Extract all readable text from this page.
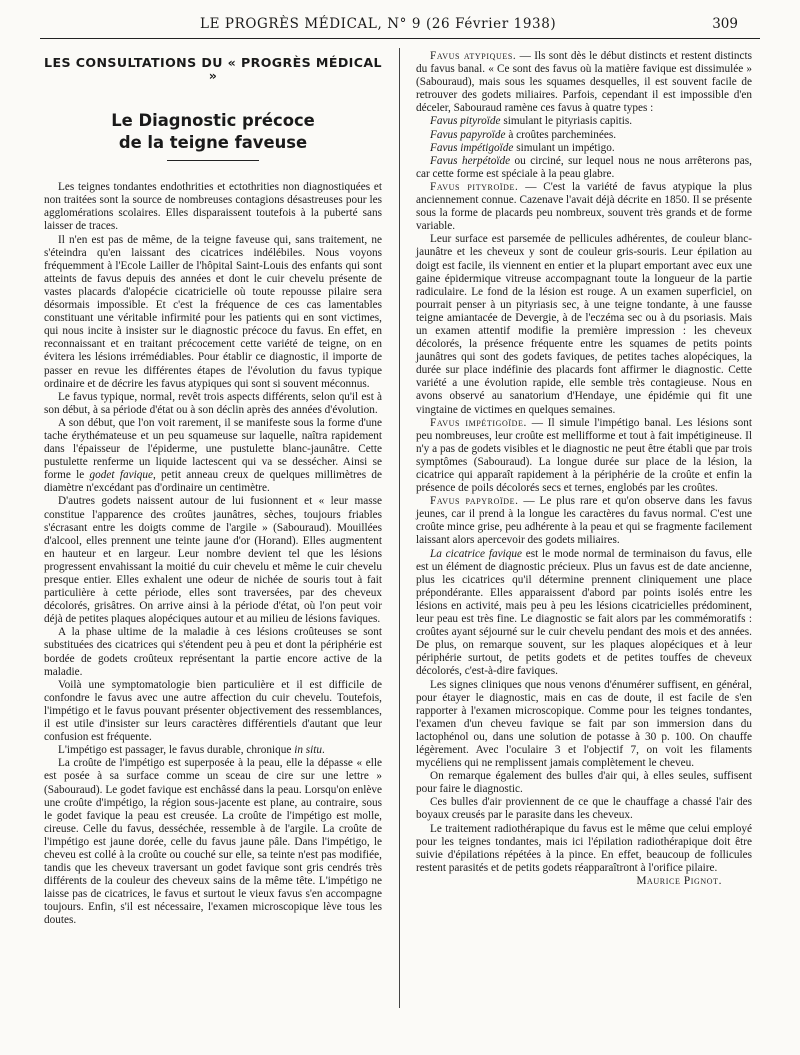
LE PROGRÈS MÉDICAL, N° 9 (26 Février 1938)	309
LES CONSULTATIONS DU « PROGRÈS MÉDICAL »
Le Diagnostic précoce
de la teigne faveuse

Les teignes tondantes endothrities et ectothrities non diagnostiquées et non traitées sont la source de nombreuses contagions désastreuses pour les agglomérations scolaires. Elles disparaissent toutefois à la puberté sans laisser de traces.

Il n'en est pas de même, de la teigne faveuse qui, sans traitement, ne s'éteindra qu'en laissant des cicatrices indélébiles. Nous voyons fréquemment à l'Ecole Lailler de l'hôpital Saint-Louis des enfants qui sont atteints de favus depuis des années et dont le cuir chevelu présente de vastes placards d'alopécie cicatricielle où toute repousse pilaire sera désormais impossible. Et c'est la fréquence de ces cas lamentables constituant une véritable infirmité pour les patients qui en sont victimes, qui nous incite à insister sur le diagnostic précoce du favus. En effet, en reconnaissant et en traitant précocement cette variété de teigne, on en évitera les lésions irrémédiables. Pour établir ce diagnostic, il importe de passer en revue les différentes étapes de l'évolution du favus typique ordinaire et de décrire les favus atypiques qui sont si souvent méconnus.

Le favus typique, normal, revêt trois aspects différents, selon qu'il est à son début, à sa période d'état ou à son déclin après des années d'évolution.

A son début, que l'on voit rarement, il se manifeste sous la forme d'une tache érythémateuse et un peu squameuse sur laquelle, naîtra rapidement dans l'épaisseur de l'épiderme, une pustulette blanc-jaunâtre. Cette pustulette renferme un liquide lactescent qui va se dessécher. Ainsi se forme le godet favique, petit anneau creux de quelques millimètres de diamètre n'excédant pas d'ordinaire un centimètre.

D'autres godets naissent autour de lui fusionnent et « leur masse constitue l'apparence des croûtes jaunâtres, sèches, toujours friables s'écrasant entre les doigts comme de l'argile » (Sabouraud). Mouillées d'alcool, elles prennent une teinte jaune d'or (Horand). Elles augmentent en hauteur et en largeur. Leur nombre devient tel que les lésions progressent envahissant la moitié du cuir chevelu et même le cuir chevelu presque entier. Elles exhalent une odeur de nichée de souris tout à fait particulière à cette période, elles sont traversées, par des cheveux décolorés, grisâtres. On arrive ainsi à la période d'état, où l'on peut voir déjà de petites plaques alopéciques autour et au milieu de lésions faviques.

A la phase ultime de la maladie à ces lésions croûteuses se sont substituées des cicatrices qui s'étendent peu à peu et dont la périphérie est bordée de godets croûteux représentant la partie encore active de la maladie.

Voilà une symptomatologie bien particulière et il est difficile de confondre le favus avec une autre affection du cuir chevelu. Toutefois, l'impétigo et le favus pouvant présenter objectivement des ressemblances, il est utile d'insister sur leurs caractères différentiels d'autant que leur confusion est fréquente.

L'impétigo est passager, le favus durable, chronique in situ.

La croûte de l'impétigo est superposée à la peau, elle la dépasse « elle est posée à sa surface comme un sceau de cire sur une lettre » (Sabouraud). Le godet favique est enchâssé dans la peau. Lorsqu'on enlève une croûte d'impétigo, la région sous-jacente est plane, au contraire, sous le godet favique la peau est creusée. La croûte de l'impétigo est molle, cireuse. Celle du favus, desséchée, ressemble à de l'argile. La croûte de l'impétigo est jaune dorée, celle du favus jaune pâle. Dans l'impétigo, le cheveu est collé à la croûte ou couché sur elle, sa teinte n'est pas modifiée, tandis que les cheveux traversant un godet favique sont gris cendrés très différents de la couleur des cheveux sains de la même tête. L'impétigo ne laisse pas de cicatrices, le favus et surtout le vieux favus s'en accompagne toujours. Enfin, s'il est nécessaire, l'examen microscopique lève tous les doutes.

Favus atypiques. — Ils sont dès le début distincts et restent distincts du favus banal. « Ce sont des favus où la matière favique est dissimulée » (Sabouraud), mais sous les squames desquelles, il est souvent facile de retrouver des godets miliaires. Parfois, cependant il est impossible d'en déceler, Sabouraud ramène ces favus à quatre types :

Favus pityroïde simulant le pityriasis capitis.

Favus papyroïde à croûtes parcheminées.

Favus impétigoïde simulant un impétigo.

Favus herpétoïde ou circiné, sur lequel nous ne nous arrêterons pas, car cette forme est spéciale à la peau glabre.

Favus pityroïde. — C'est la variété de favus atypique la plus anciennement connue. Cazenave l'avait déjà décrite en 1850. Il se présente sous la forme de placards peu nombreux, souvent très grands et de forme variable.

Leur surface est parsemée de pellicules adhérentes, de couleur blanc-jaunâtre et les cheveux y sont de couleur gris-souris. Leur épilation au doigt est facile, ils viennent en entier et la plupart emportant avec eux une gaine épidermique vitreuse accompagnant toute la longueur de la partie radiculaire. Le fond de la lésion est rouge. A un examen superficiel, on pourrait penser à un pityriasis sec, à une teigne tondante, à une fausse teigne amiantacée de Devergie, à de l'eczéma sec ou à du psoriasis. Mais un examen attentif modifie la première impression : les cheveux décolorés, la présence fréquente entre les squames de petits points jaunâtres qui sont des godets faviques, de petites taches alopéciques, la durée sur place indéfinie des placards font affirmer le diagnostic. Cette variété a une évolution rapide, elle semble très contagieuse. Nous en avons observé au sanatorium d'Hendaye, une épidémie qui fit une vingtaine de victimes en quelques semaines.

Favus impétigoïde. — Il simule l'impétigo banal. Les lésions sont peu nombreuses, leur croûte est mellifforme et tout à fait impétigineuse. Il n'y a pas de godets visibles et le diagnostic ne peut être établi que par trois symptômes (Sabouraud). La longue durée sur place de la lésion, la cicatrice qui apparaît rapidement à la périphérie de la croûte et enfin la présence de poils décolorés secs et ternes, englobés par les croûtes.

Favus papyroïde. — Le plus rare et qu'on observe dans les favus jeunes, car il prend à la longue les caractères du favus normal. C'est une croûte mince grise, peu adhérente à la peau et qui se fragmente facilement laissant alors apercevoir des godets miliaires.

La cicatrice favique est le mode normal de terminaison du favus, elle est un élément de diagnostic précieux. Plus un favus est de date ancienne, plus les cicatrices qu'il détermine prennent cliniquement une place prépondérante. Elles apparaissent d'abord par points isolés entre les lésions en activité, mais peu à peu les lésions cicatricielles prédominent, leur peau est très fine. Le diagnostic se fait alors par les commémoratifs : croûtes ayant séjourné sur le cuir chevelu pendant des mois et des années. De plus, on remarque souvent, sur les plaques alopéciques et à leur périphérie surtout, de petits godets et de petites touffes de cheveux décolorés, c'est-à-dire faviques.

Les signes cliniques que nous venons d'énumérer suffisent, en général, pour étayer le diagnostic, mais en cas de doute, il est facile de s'en rapporter à l'examen microscopique. Comme pour les teignes tondantes, l'examen d'un cheveu favique se fait par son immersion dans du lactophénol ou, dans une solution de potasse à 30 p. 100. On chauffe légèrement. Avec l'oculaire 3 et l'objectif 7, on voit les filaments mycéliens qui ne remplissent jamais complètement le cheveu.

On remarque également des bulles d'air qui, à elles seules, suffisent pour faire le diagnostic.

Ces bulles d'air proviennent de ce que le chauffage a chassé l'air des boyaux creusés par le parasite dans les cheveux.

Le traitement radiothérapique du favus est le même que celui employé pour les teignes tondantes, mais ici l'épilation radiothérapique doit être suivie d'épilations répétées à la pince. En effet, beaucoup de follicules restent parasités et de petits godets réapparaîtront à l'orifice pilaire.

Maurice Pignot.
